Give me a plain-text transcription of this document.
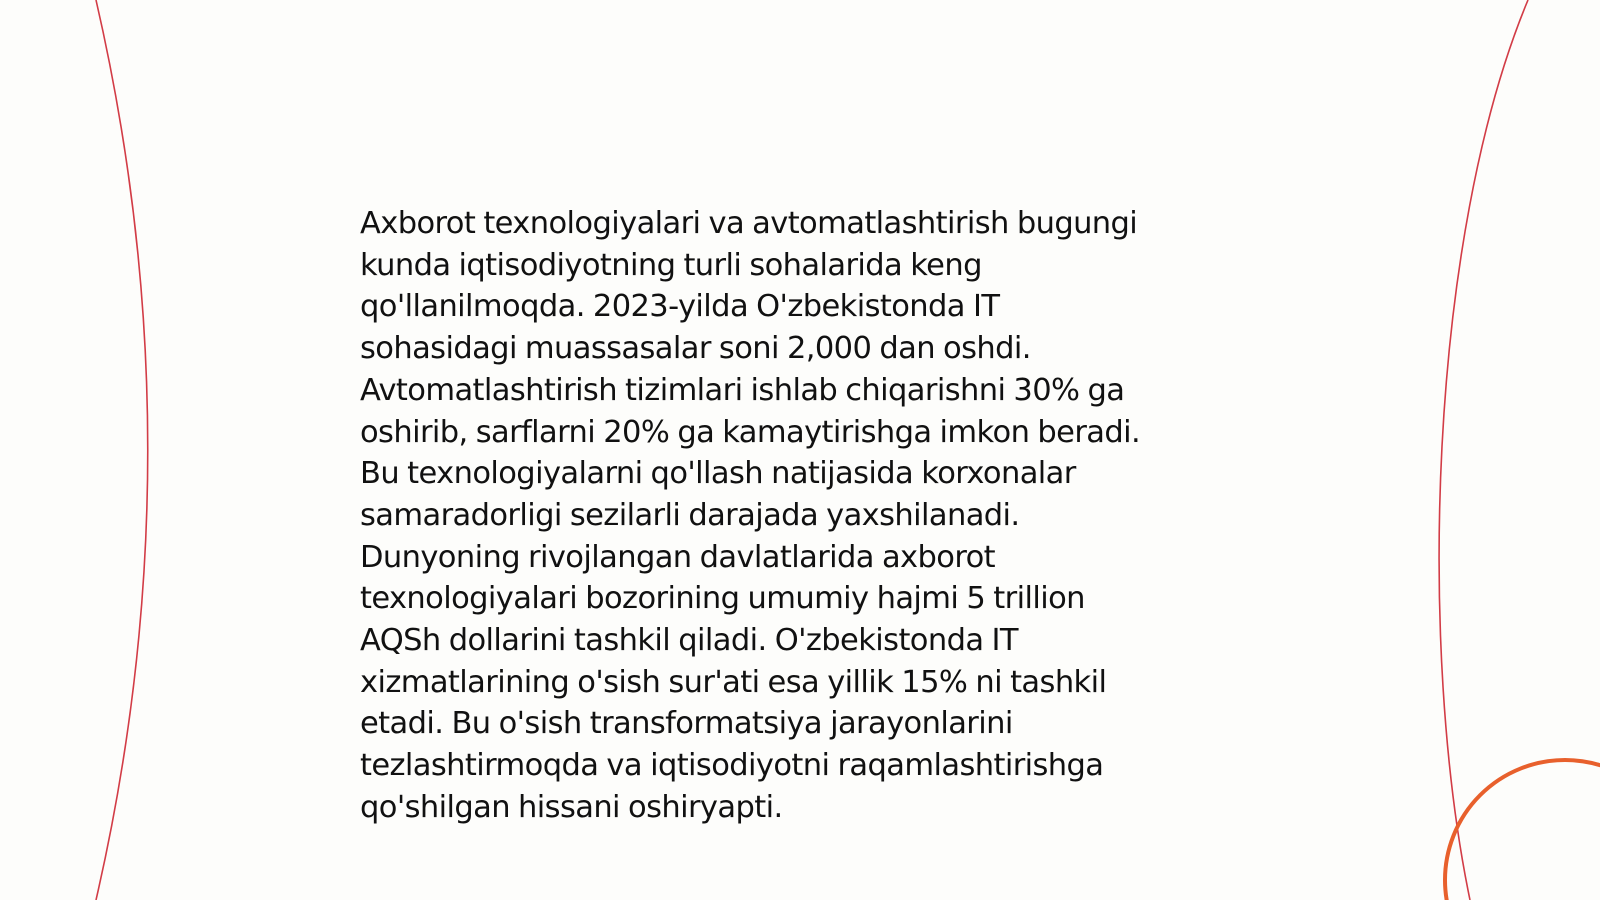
Axborot texnologiyalari va avtomatlashtirish bugungi
kunda iqtisodiyotning turli sohalarida keng
qo'llanilmoqda. 2023-yilda O'zbekistonda IT
sohasidagi muassasalar soni 2,000 dan oshdi.
Avtomatlashtirish tizimlari ishlab chiqarishni 30% ga
oshirib, sarflarni 20% ga kamaytirishga imkon beradi.
Bu texnologiyalarni qo'llash natijasida korxonalar
samaradorligi sezilarli darajada yaxshilanadi.
Dunyoning rivojlangan davlatlarida axborot
texnologiyalari bozorining umumiy hajmi 5 trillion
AQSh dollarini tashkil qiladi. O'zbekistonda IT
xizmatlarining o'sish sur'ati esa yillik 15% ni tashkil
etadi. Bu o'sish transformatsiya jarayonlarini
tezlashtirmoqda va iqtisodiyotni raqamlashtirishga
qo'shilgan hissani oshiryapti.
